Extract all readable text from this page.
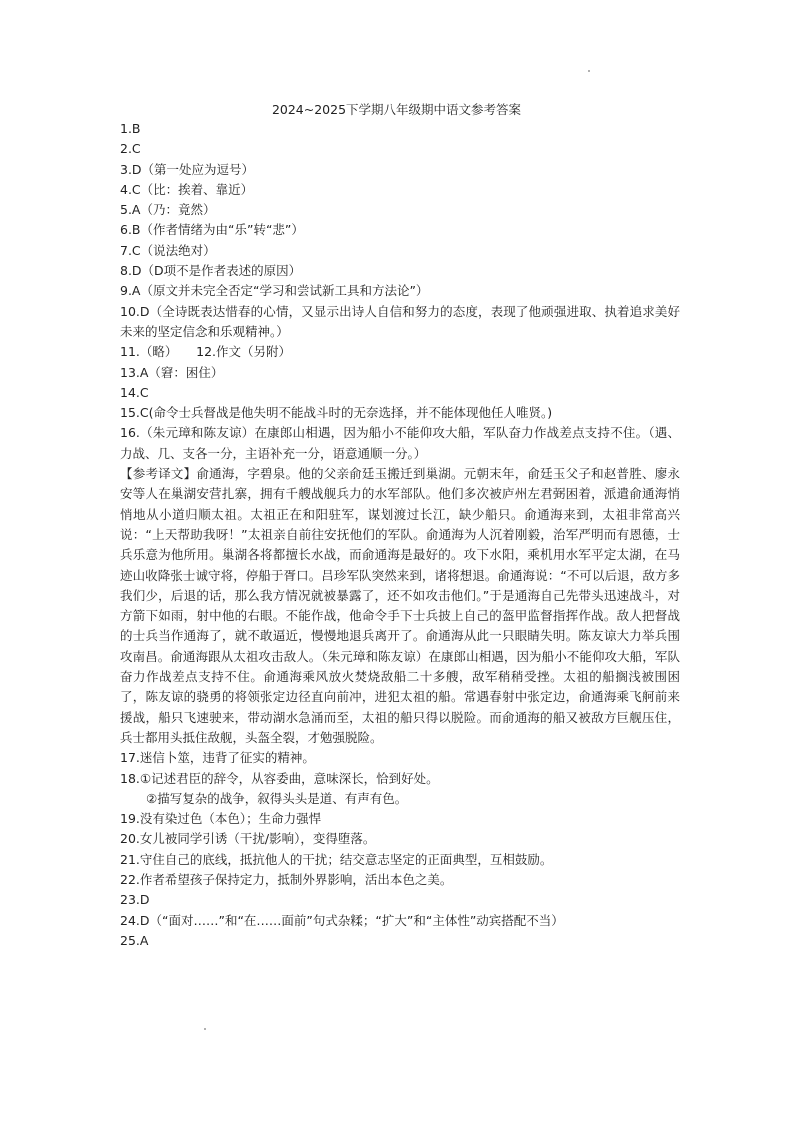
2024~2025下学期八年级期中语文参考答案
1.B
2.C
3.D（第一处应为逗号）
4.C（比：挨着、靠近）
5.A（乃：竟然）
6.B（作者情绪为由“乐”转“悲”）
7.C（说法绝对）
8.D（D项不是作者表述的原因）
9.A（原文并未完全否定“学习和尝试新工具和方法论”）
10.D（全诗既表达惜春的心情，又显示出诗人自信和努力的态度，表现了他顽强进取、执着追求美好未来的坚定信念和乐观精神。）
11.（略）　　12.作文（另附）
13.A（窘：困住）
14.C
15.C(命令士兵督战是他失明不能战斗时的无奈选择，并不能体现他任人唯贤。)
16.（朱元璋和陈友谅）在康郎山相遇，因为船小不能仰攻大船，军队奋力作战差点支持不住。（遇、力战、几、支各一分，主语补充一分，语意通顺一分。）
【参考译文】俞通海，字碧泉。他的父亲俞廷玉搬迁到巢湖。元朝末年，俞廷玉父子和赵普胜、廖永安等人在巢湖安营扎寨，拥有千艘战舰兵力的水军部队。他们多次被庐州左君弼困着，派遣俞通海悄悄地从小道归顺太祖。太祖正在和阳驻军，谋划渡过长江，缺少船只。俞通海来到，太祖非常高兴说：“上天帮助我呀！”太祖亲自前往安抚他们的军队。俞通海为人沉着刚毅，治军严明而有恩德，士兵乐意为他所用。巢湖各将都擅长水战，而俞通海是最好的。攻下水阳，乘机用水军平定太湖，在马迹山收降张士诚守将，停船于胥口。吕珍军队突然来到，诸将想退。俞通海说：“不可以后退，敌方多我们少，后退的话，那么我方情况就被暴露了，还不如攻击他们。”于是通海自己先带头迅速战斗，对方箭下如雨，射中他的右眼。不能作战，他命令手下士兵披上自己的盔甲监督指挥作战。敌人把督战的士兵当作通海了，就不敢逼近，慢慢地退兵离开了。俞通海从此一只眼睛失明。陈友谅大力举兵围攻南昌。俞通海跟从太祖攻击敌人。（朱元璋和陈友谅）在康郎山相遇，因为船小不能仰攻大船，军队奋力作战差点支持不住。俞通海乘风放火焚烧敌船二十多艘，敌军稍稍受挫。太祖的船搁浅被围困了，陈友谅的骁勇的将领张定边径直向前冲，进犯太祖的船。常遇春射中张定边，俞通海乘飞舸前来援战，船只飞速驶来，带动湖水急涌而至，太祖的船只得以脱险。而俞通海的船又被敌方巨舰压住，兵士都用头抵住敌舰，头盔全裂，才勉强脱险。
17.迷信卜筮，违背了征实的精神。
18.①记述君臣的辞令，从容委曲，意味深长，恰到好处。
②描写复杂的战争，叙得头头是道、有声有色。
19.没有染过色（本色）；生命力强悍
20.女儿被同学引诱（干扰/影响），变得堕落。
21.守住自己的底线，抵抗他人的干扰；结交意志坚定的正面典型，互相鼓励。
22.作者希望孩子保持定力，抵制外界影响，活出本色之美。
23.D
24.D（“面对……”和“在……面前”句式杂糅；“扩大”和“主体性”动宾搭配不当）
25.A
